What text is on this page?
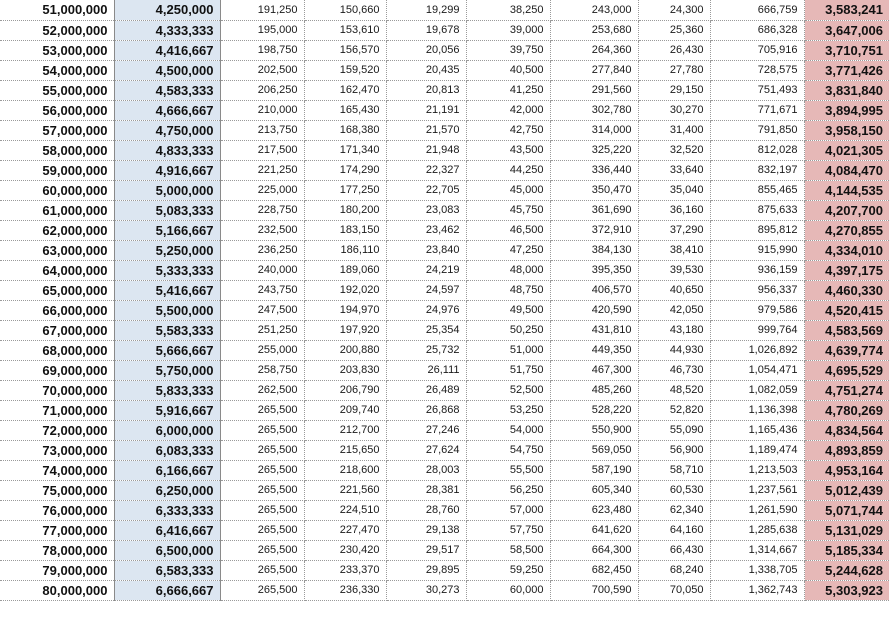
51,000,000	4,250,000	191,250	150,660	19,299	38,250	243,000	24,300	666,759	3,583,241
52,000,000	4,333,333	195,000	153,610	19,678	39,000	253,680	25,360	686,328	3,647,006
53,000,000	4,416,667	198,750	156,570	20,056	39,750	264,360	26,430	705,916	3,710,751
54,000,000	4,500,000	202,500	159,520	20,435	40,500	277,840	27,780	728,575	3,771,426
55,000,000	4,583,333	206,250	162,470	20,813	41,250	291,560	29,150	751,493	3,831,840
56,000,000	4,666,667	210,000	165,430	21,191	42,000	302,780	30,270	771,671	3,894,995
57,000,000	4,750,000	213,750	168,380	21,570	42,750	314,000	31,400	791,850	3,958,150
58,000,000	4,833,333	217,500	171,340	21,948	43,500	325,220	32,520	812,028	4,021,305
59,000,000	4,916,667	221,250	174,290	22,327	44,250	336,440	33,640	832,197	4,084,470
60,000,000	5,000,000	225,000	177,250	22,705	45,000	350,470	35,040	855,465	4,144,535
61,000,000	5,083,333	228,750	180,200	23,083	45,750	361,690	36,160	875,633	4,207,700
62,000,000	5,166,667	232,500	183,150	23,462	46,500	372,910	37,290	895,812	4,270,855
63,000,000	5,250,000	236,250	186,110	23,840	47,250	384,130	38,410	915,990	4,334,010
64,000,000	5,333,333	240,000	189,060	24,219	48,000	395,350	39,530	936,159	4,397,175
65,000,000	5,416,667	243,750	192,020	24,597	48,750	406,570	40,650	956,337	4,460,330
66,000,000	5,500,000	247,500	194,970	24,976	49,500	420,590	42,050	979,586	4,520,415
67,000,000	5,583,333	251,250	197,920	25,354	50,250	431,810	43,180	999,764	4,583,569
68,000,000	5,666,667	255,000	200,880	25,732	51,000	449,350	44,930	1,026,892	4,639,774
69,000,000	5,750,000	258,750	203,830	26,111	51,750	467,300	46,730	1,054,471	4,695,529
70,000,000	5,833,333	262,500	206,790	26,489	52,500	485,260	48,520	1,082,059	4,751,274
71,000,000	5,916,667	265,500	209,740	26,868	53,250	528,220	52,820	1,136,398	4,780,269
72,000,000	6,000,000	265,500	212,700	27,246	54,000	550,900	55,090	1,165,436	4,834,564
73,000,000	6,083,333	265,500	215,650	27,624	54,750	569,050	56,900	1,189,474	4,893,859
74,000,000	6,166,667	265,500	218,600	28,003	55,500	587,190	58,710	1,213,503	4,953,164
75,000,000	6,250,000	265,500	221,560	28,381	56,250	605,340	60,530	1,237,561	5,012,439
76,000,000	6,333,333	265,500	224,510	28,760	57,000	623,480	62,340	1,261,590	5,071,744
77,000,000	6,416,667	265,500	227,470	29,138	57,750	641,620	64,160	1,285,638	5,131,029
78,000,000	6,500,000	265,500	230,420	29,517	58,500	664,300	66,430	1,314,667	5,185,334
79,000,000	6,583,333	265,500	233,370	29,895	59,250	682,450	68,240	1,338,705	5,244,628
80,000,000	6,666,667	265,500	236,330	30,273	60,000	700,590	70,050	1,362,743	5,303,923
